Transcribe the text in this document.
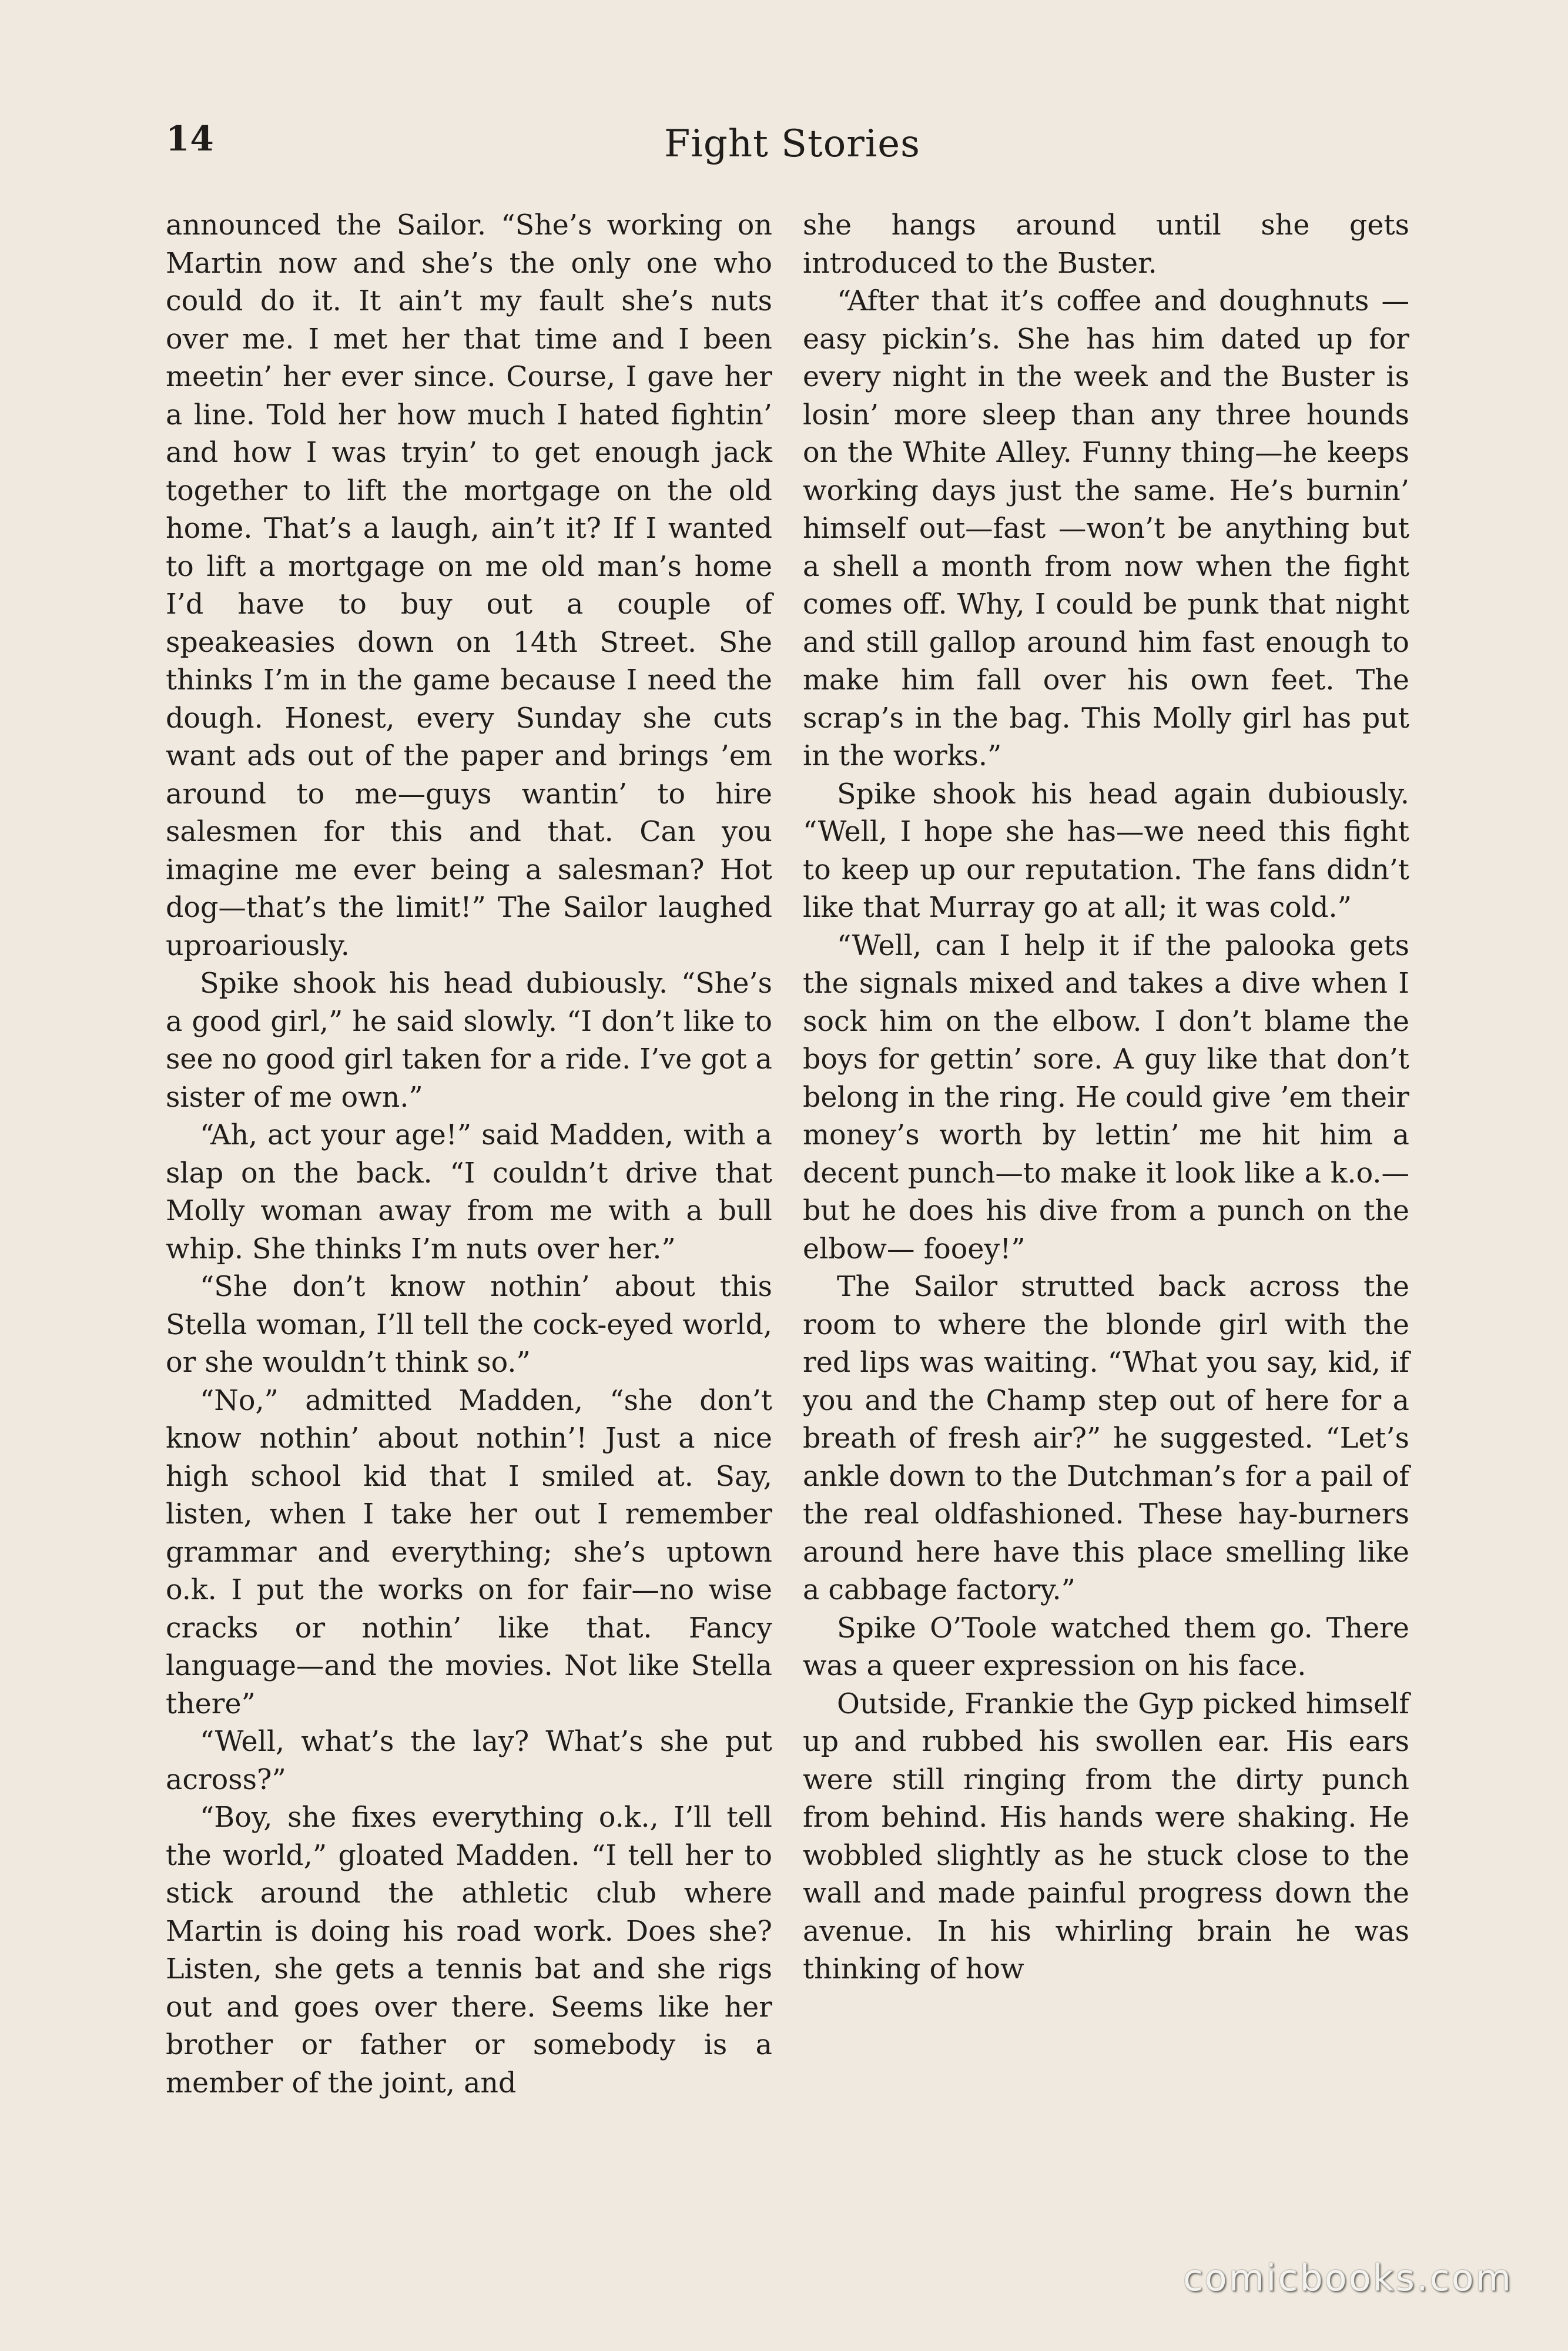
14	Fight Stories

announced the Sailor. “She’s working on Martin now and she’s the only one who could do it. It ain’t my fault she’s nuts over me. I met her that time and I been meetin’ her ever since. Course, I gave her a line. Told her how much I hated fightin’ and how I was tryin’ to get enough jack together to lift the mortgage on the old home. That’s a laugh, ain’t it? If I wanted to lift a mortgage on me old man’s home I’d have to buy out a couple of speakeasies down on 14th Street. She thinks I’m in the game because I need the dough. Honest, every Sunday she cuts want ads out of the paper and brings ’em around to me—guys wantin’ to hire salesmen for this and that. Can you imagine me ever being a salesman? Hot dog—that’s the limit!” The Sailor laughed uproariously.

Spike shook his head dubiously. “She’s a good girl,” he said slowly. “I don’t like to see no good girl taken for a ride. I’ve got a sister of me own.”

“Ah, act your age!” said Madden, with a slap on the back. “I couldn’t drive that Molly woman away from me with a bull whip. She thinks I’m nuts over her.”

“She don’t know nothin’ about this Stella woman, I’ll tell the cock-eyed world, or she wouldn’t think so.”

“No,” admitted Madden, “she don’t know nothin’ about nothin’! Just a nice high school kid that I smiled at. Say, listen, when I take her out I remember grammar and everything; she’s uptown o.k. I put the works on for fair—no wise cracks or nothin’ like that. Fancy language—and the movies. Not like Stella there”

“Well, what’s the lay? What’s she put across?”

“Boy, she fixes everything o.k., I’ll tell the world,” gloated Madden. “I tell her to stick around the athletic club where Martin is doing his road work. Does she? Listen, she gets a tennis bat and she rigs out and goes over there. Seems like her brother or father or somebody is a member of the joint, and

she hangs around until she gets introduced to the Buster.

“After that it’s coffee and doughnuts —easy pickin’s. She has him dated up for every night in the week and the Buster is losin’ more sleep than any three hounds on the White Alley. Funny thing—he keeps working days just the same. He’s burnin’ himself out—fast —won’t be anything but a shell a month from now when the fight comes off. Why, I could be punk that night and still gallop around him fast enough to make him fall over his own feet. The scrap’s in the bag. This Molly girl has put in the works.”

Spike shook his head again dubiously. “Well, I hope she has—we need this fight to keep up our reputation. The fans didn’t like that Murray go at all; it was cold.”

“Well, can I help it if the palooka gets the signals mixed and takes a dive when I sock him on the elbow. I don’t blame the boys for gettin’ sore. A guy like that don’t belong in the ring. He could give ’em their money’s worth by lettin’ me hit him a decent punch—to make it look like a k.o.—but he does his dive from a punch on the elbow— fooey!”

The Sailor strutted back across the room to where the blonde girl with the red lips was waiting. “What you say, kid, if you and the Champ step out of here for a breath of fresh air?” he suggested. “Let’s ankle down to the Dutchman’s for a pail of the real oldfashioned. These hay-burners around here have this place smelling like a cabbage factory.”

Spike O’Toole watched them go. There was a queer expression on his face.

Outside, Frankie the Gyp picked himself up and rubbed his swollen ear. His ears were still ringing from the dirty punch from behind. His hands were shaking. He wobbled slightly as he stuck close to the wall and made painful progress down the avenue. In his whirling brain he was thinking of how

comicbooks.com
